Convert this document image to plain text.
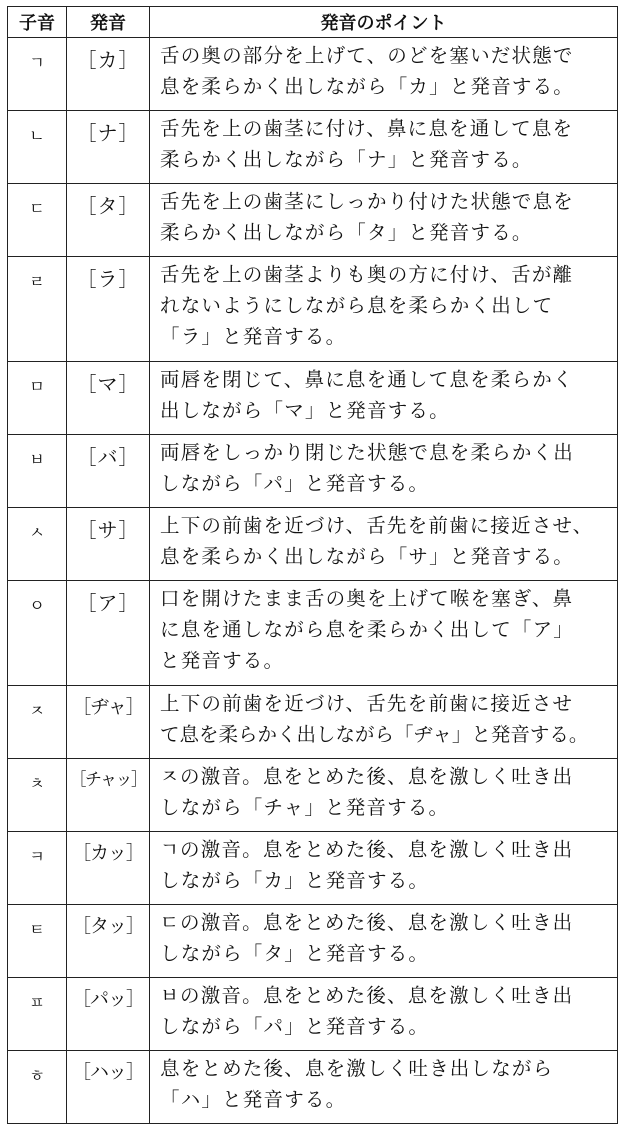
子音	発音	発音のポイント
ㄱ	［カ］	舌の奥の部分を上げて、のどを塞いだ状態で
息を柔らかく出しながら「カ」と発音する。

ㄴ	［ナ］	舌先を上の歯茎に付け、鼻に息を通して息を
柔らかく出しながら「ナ」と発音する。

ㄷ	［タ］	舌先を上の歯茎にしっかり付けた状態で息を
柔らかく出しながら「タ」と発音する。

ㄹ	［ラ］	舌先を上の歯茎よりも奥の方に付け、舌が離
れないようにしながら息を柔らかく出して
「ラ」と発音する。

ㅁ	［マ］	両唇を閉じて、鼻に息を通して息を柔らかく
出しながら「マ」と発音する。

ㅂ	［バ］	両唇をしっかり閉じた状態で息を柔らかく出
しながら「パ」と発音する。

ㅅ	［サ］	上下の前歯を近づけ、舌先を前歯に接近させ、
息を柔らかく出しながら「サ」と発音する。

ㅇ	［ア］	口を開けたまま舌の奥を上げて喉を塞ぎ、鼻
に息を通しながら息を柔らかく出して「ア」
と発音する。

ㅈ	［ヂャ］	上下の前歯を近づけ、舌先を前歯に接近させ
て息を柔らかく出しながら「ヂャ」と発音する。

ㅊ	［チャッ］	ㅈの激音。息をとめた後、息を激しく吐き出
しながら「チャ」と発音する。

ㅋ	［カッ］	ㄱの激音。息をとめた後、息を激しく吐き出
しながら「カ」と発音する。

ㅌ	［タッ］	ㄷの激音。息をとめた後、息を激しく吐き出
しながら「タ」と発音する。

ㅍ	［パッ］	ㅂの激音。息をとめた後、息を激しく吐き出
しながら「パ」と発音する。

ㅎ	［ハッ］	息をとめた後、息を激しく吐き出しながら
「ハ」と発音する。
